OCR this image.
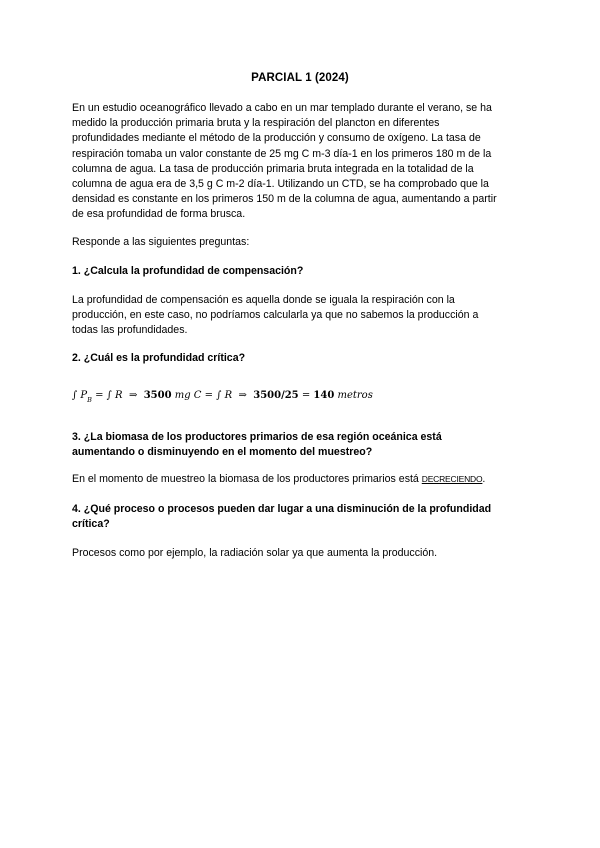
PARCIAL 1 (2024)

En un estudio oceanográfico llevado a cabo en un mar templado durante el verano, se ha

medido la producción primaria bruta y la respiración del plancton en diferentes

profundidades mediante el método de la producción y consumo de oxígeno. La tasa de

respiración tomaba un valor constante de 25 mg C m-3 día-1 en los primeros 180 m de la

columna de agua. La tasa de producción primaria bruta integrada en la totalidad de la

columna de agua era de 3,5 g C m-2 día-1. Utilizando un CTD, se ha comprobado que la

densidad es constante en los primeros 150 m de la columna de agua, aumentando a partir

de esa profundidad de forma brusca.

Responde a las siguientes preguntas:
1. ¿Calcula la profundidad de compensación?

La profundidad de compensación es aquella donde se iguala la respiración con la

producción, en este caso, no podríamos calcularla ya que no sabemos la producción a

todas las profundidades.

2. ¿Cuál es la profundidad crítica?
∫ $P_B$ = ∫ R ⇒ 3500 mg C = ∫ R ⇒ 3500/25 = 140 metros

3. ¿La biomasa de los productores primarios de esa región oceánica está

aumentando o disminuyendo en el momento del muestreo?

En el momento de muestreo la biomasa de los productores primarios está DECRECIENDO.

4. ¿Qué proceso o procesos pueden dar lugar a una disminución de la profundidad

crítica?

Procesos como por ejemplo, la radiación solar ya que aumenta la producción.
